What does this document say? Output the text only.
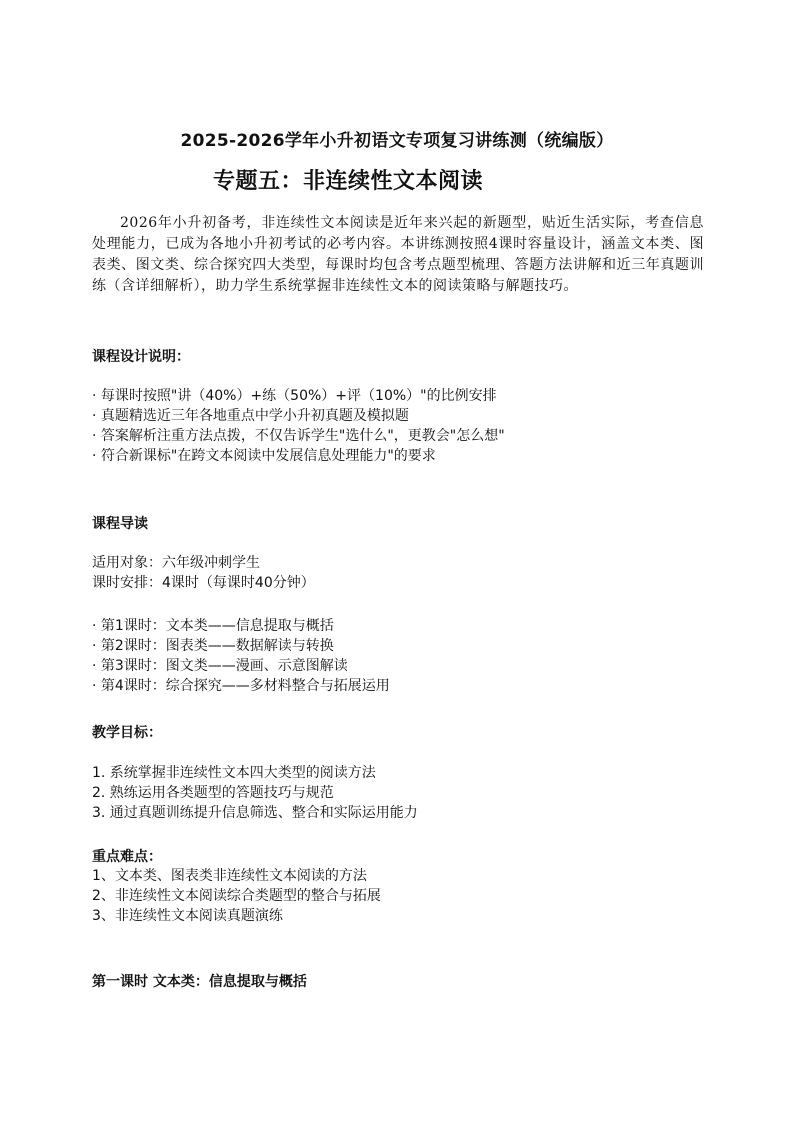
2025-2026学年小升初语文专项复习讲练测（统编版）
专题五：非连续性文本阅读

2026年小升初备考，非连续性文本阅读是近年来兴起的新题型，贴近生活实际，考查信息处理能力，已成为各地小升初考试的必考内容。本讲练测按照4课时容量设计，涵盖文本类、图表类、图文类、综合探究四大类型，每课时均包含考点题型梳理、答题方法讲解和近三年真题训练（含详细解析），助力学生系统掌握非连续性文本的阅读策略与解题技巧。

课程设计说明：
· 每课时按照"讲（40%）+练（50%）+评（10%）"的比例安排
· 真题精选近三年各地重点中学小升初真题及模拟题
· 答案解析注重方法点拨，不仅告诉学生"选什么"，更教会"怎么想"
· 符合新课标"在跨文本阅读中发展信息处理能力"的要求
课程导读
适用对象：六年级冲刺学生
课时安排：4课时（每课时40分钟）
· 第1课时：文本类——信息提取与概括
· 第2课时：图表类——数据解读与转换
· 第3课时：图文类——漫画、示意图解读
· 第4课时：综合探究——多材料整合与拓展运用
教学目标：
1. 系统掌握非连续性文本四大类型的阅读方法
2. 熟练运用各类题型的答题技巧与规范
3. 通过真题训练提升信息筛选、整合和实际运用能力
重点难点：
1、文本类、图表类非连续性文本阅读的方法
2、非连续性文本阅读综合类题型的整合与拓展
3、非连续性文本阅读真题演练
第一课时 文本类：信息提取与概括
